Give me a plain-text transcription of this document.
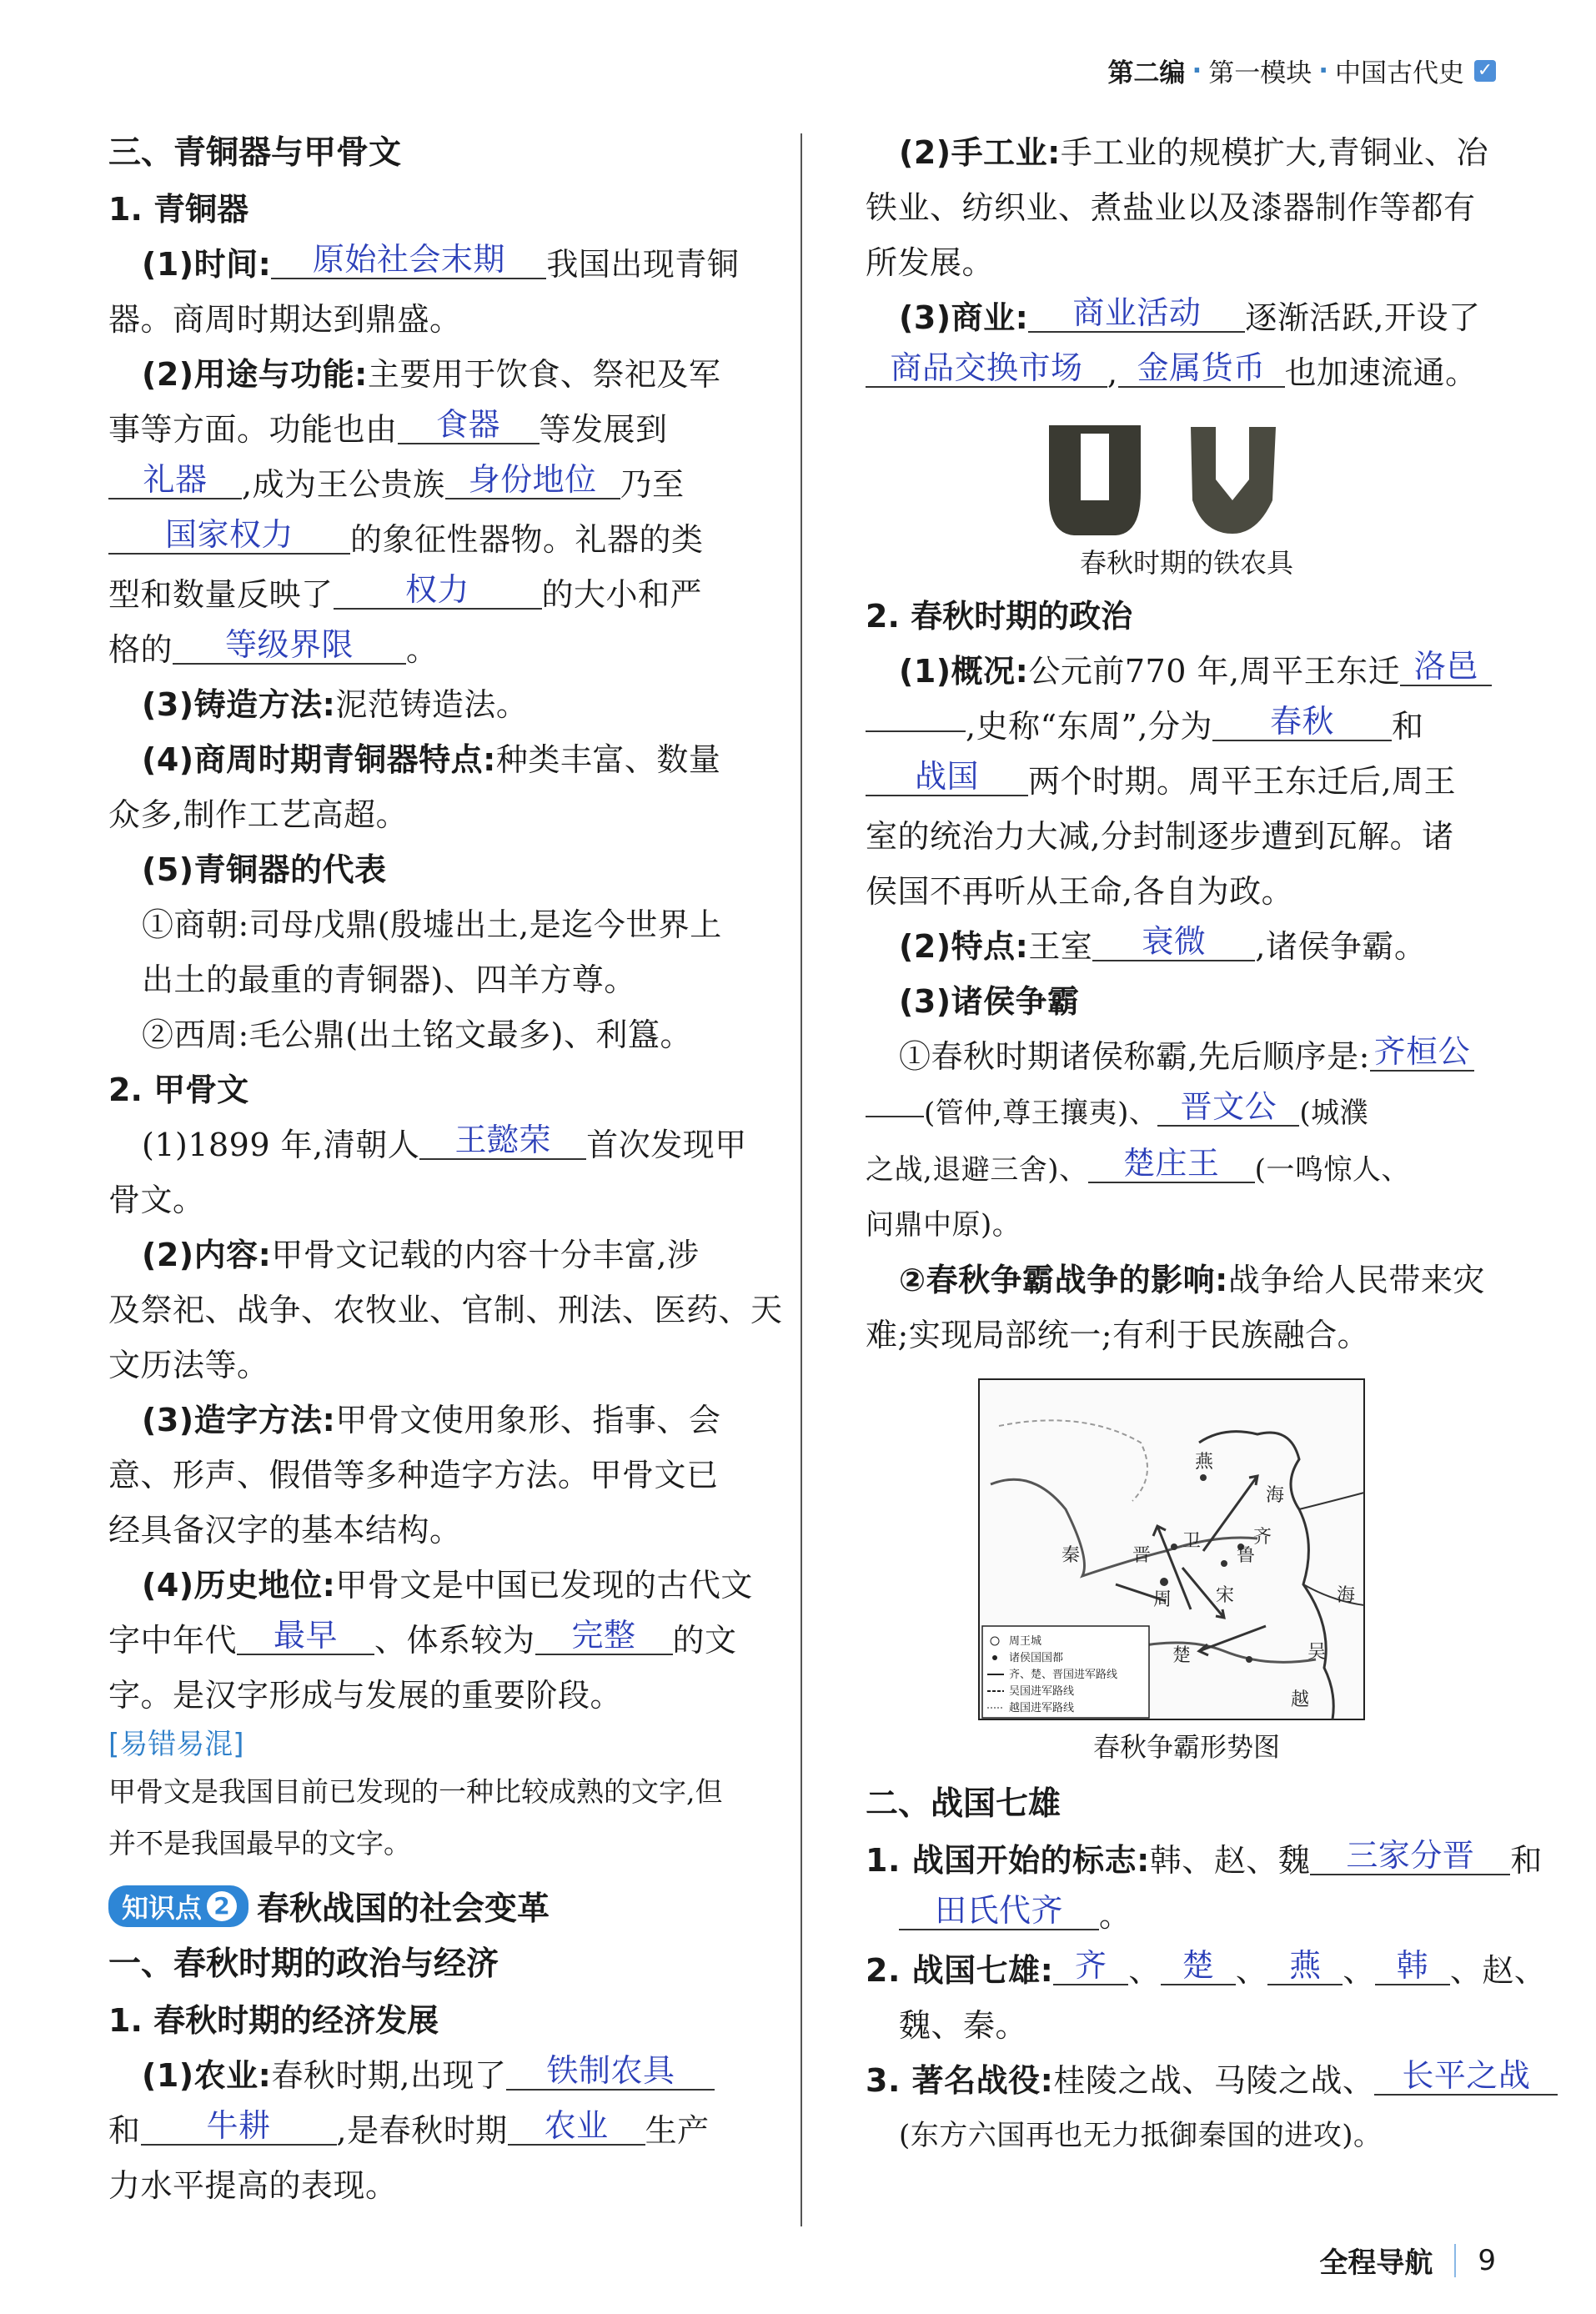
第二编 · 第一模块 · 中国古代史 ✓
三、青铜器与甲骨文
1. 青铜器
(1)时间: 原始社会末期 我国出现青铜
器。商周时期达到鼎盛。
(2)用途与功能:主要用于饮食、祭祀及军
事等方面。功能也由 食器 等发展到
礼器 ,成为王公贵族 身份地位 乃至
国家权力 的象征性器物。礼器的类
型和数量反映了 权力 的大小和严
格的 等级界限 。
(3)铸造方法:泥范铸造法。
(4)商周时期青铜器特点:种类丰富、数量
众多,制作工艺高超。
(5)青铜器的代表
①商朝:司母戊鼎(殷墟出土,是迄今世界上
出土的最重的青铜器)、四羊方尊。
②西周:毛公鼎(出土铭文最多)、利簋。
2. 甲骨文
(1)1899 年,清朝人 王懿荣 首次发现甲
骨文。
(2)内容:甲骨文记载的内容十分丰富,涉
及祭祀、战争、农牧业、官制、刑法、医药、天
文历法等。
(3)造字方法:甲骨文使用象形、指事、会
意、形声、假借等多种造字方法。甲骨文已
经具备汉字的基本结构。
(4)历史地位:甲骨文是中国已发现的古代文
字中年代 最早 、体系较为 完整 的文
字。是汉字形成与发展的重要阶段。
[易错易混]
甲骨文是我国目前已发现的一种比较成熟的文字,但
并不是我国最早的文字。
知识点 2 春秋战国的社会变革
一、春秋时期的政治与经济
1. 春秋时期的经济发展
(1)农业:春秋时期,出现了 铁制农具
和 牛耕 ,是春秋时期 农业 生产
力水平提高的表现。
(2)手工业:手工业的规模扩大,青铜业、冶
铁业、纺织业、煮盐业以及漆器制作等都有
所发展。
(3)商业: 商业活动 逐渐活跃,开设了
商品交换市场 , 金属货币 也加速流通。
春秋时期的铁农具
2. 春秋时期的政治
(1)概况:公元前770 年,周平王东迁 洛邑
,史称“东周”,分为 春秋 和
战国 两个时期。周平王东迁后,周王
室的统治力大减,分封制逐步遭到瓦解。诸
侯国不再听从王命,各自为政。
(2)特点:王室 衰微 ,诸侯争霸。
(3)诸侯争霸
①春秋时期诸侯称霸,先后顺序是: 齐桓公
(管仲,尊王攘夷)、 晋文公 (城濮
之战,退避三舍)、 楚庄王 (一鸣惊人、
问鼎中原)。
②春秋争霸战争的影响:战争给人民带来灾
难;实现局部统一;有利于民族融合。
燕
齐
鲁
卫
晋
秦
周 宋
楚	吴
越
海
海
周王城
诸侯国国都
齐、楚、晋国进军路线
吴国进军路线
越国进军路线
春秋争霸形势图
二、战国七雄
1. 战国开始的标志:韩、赵、魏 三家分晋 和
田氏代齐 。
2. 战国七雄: 齐 、 楚 、 燕 、 韩 、赵、
魏、秦。
3. 著名战役:桂陵之战、马陵之战、 长平之战
(东方六国再也无力抵御秦国的进攻)。
全程导航 9
